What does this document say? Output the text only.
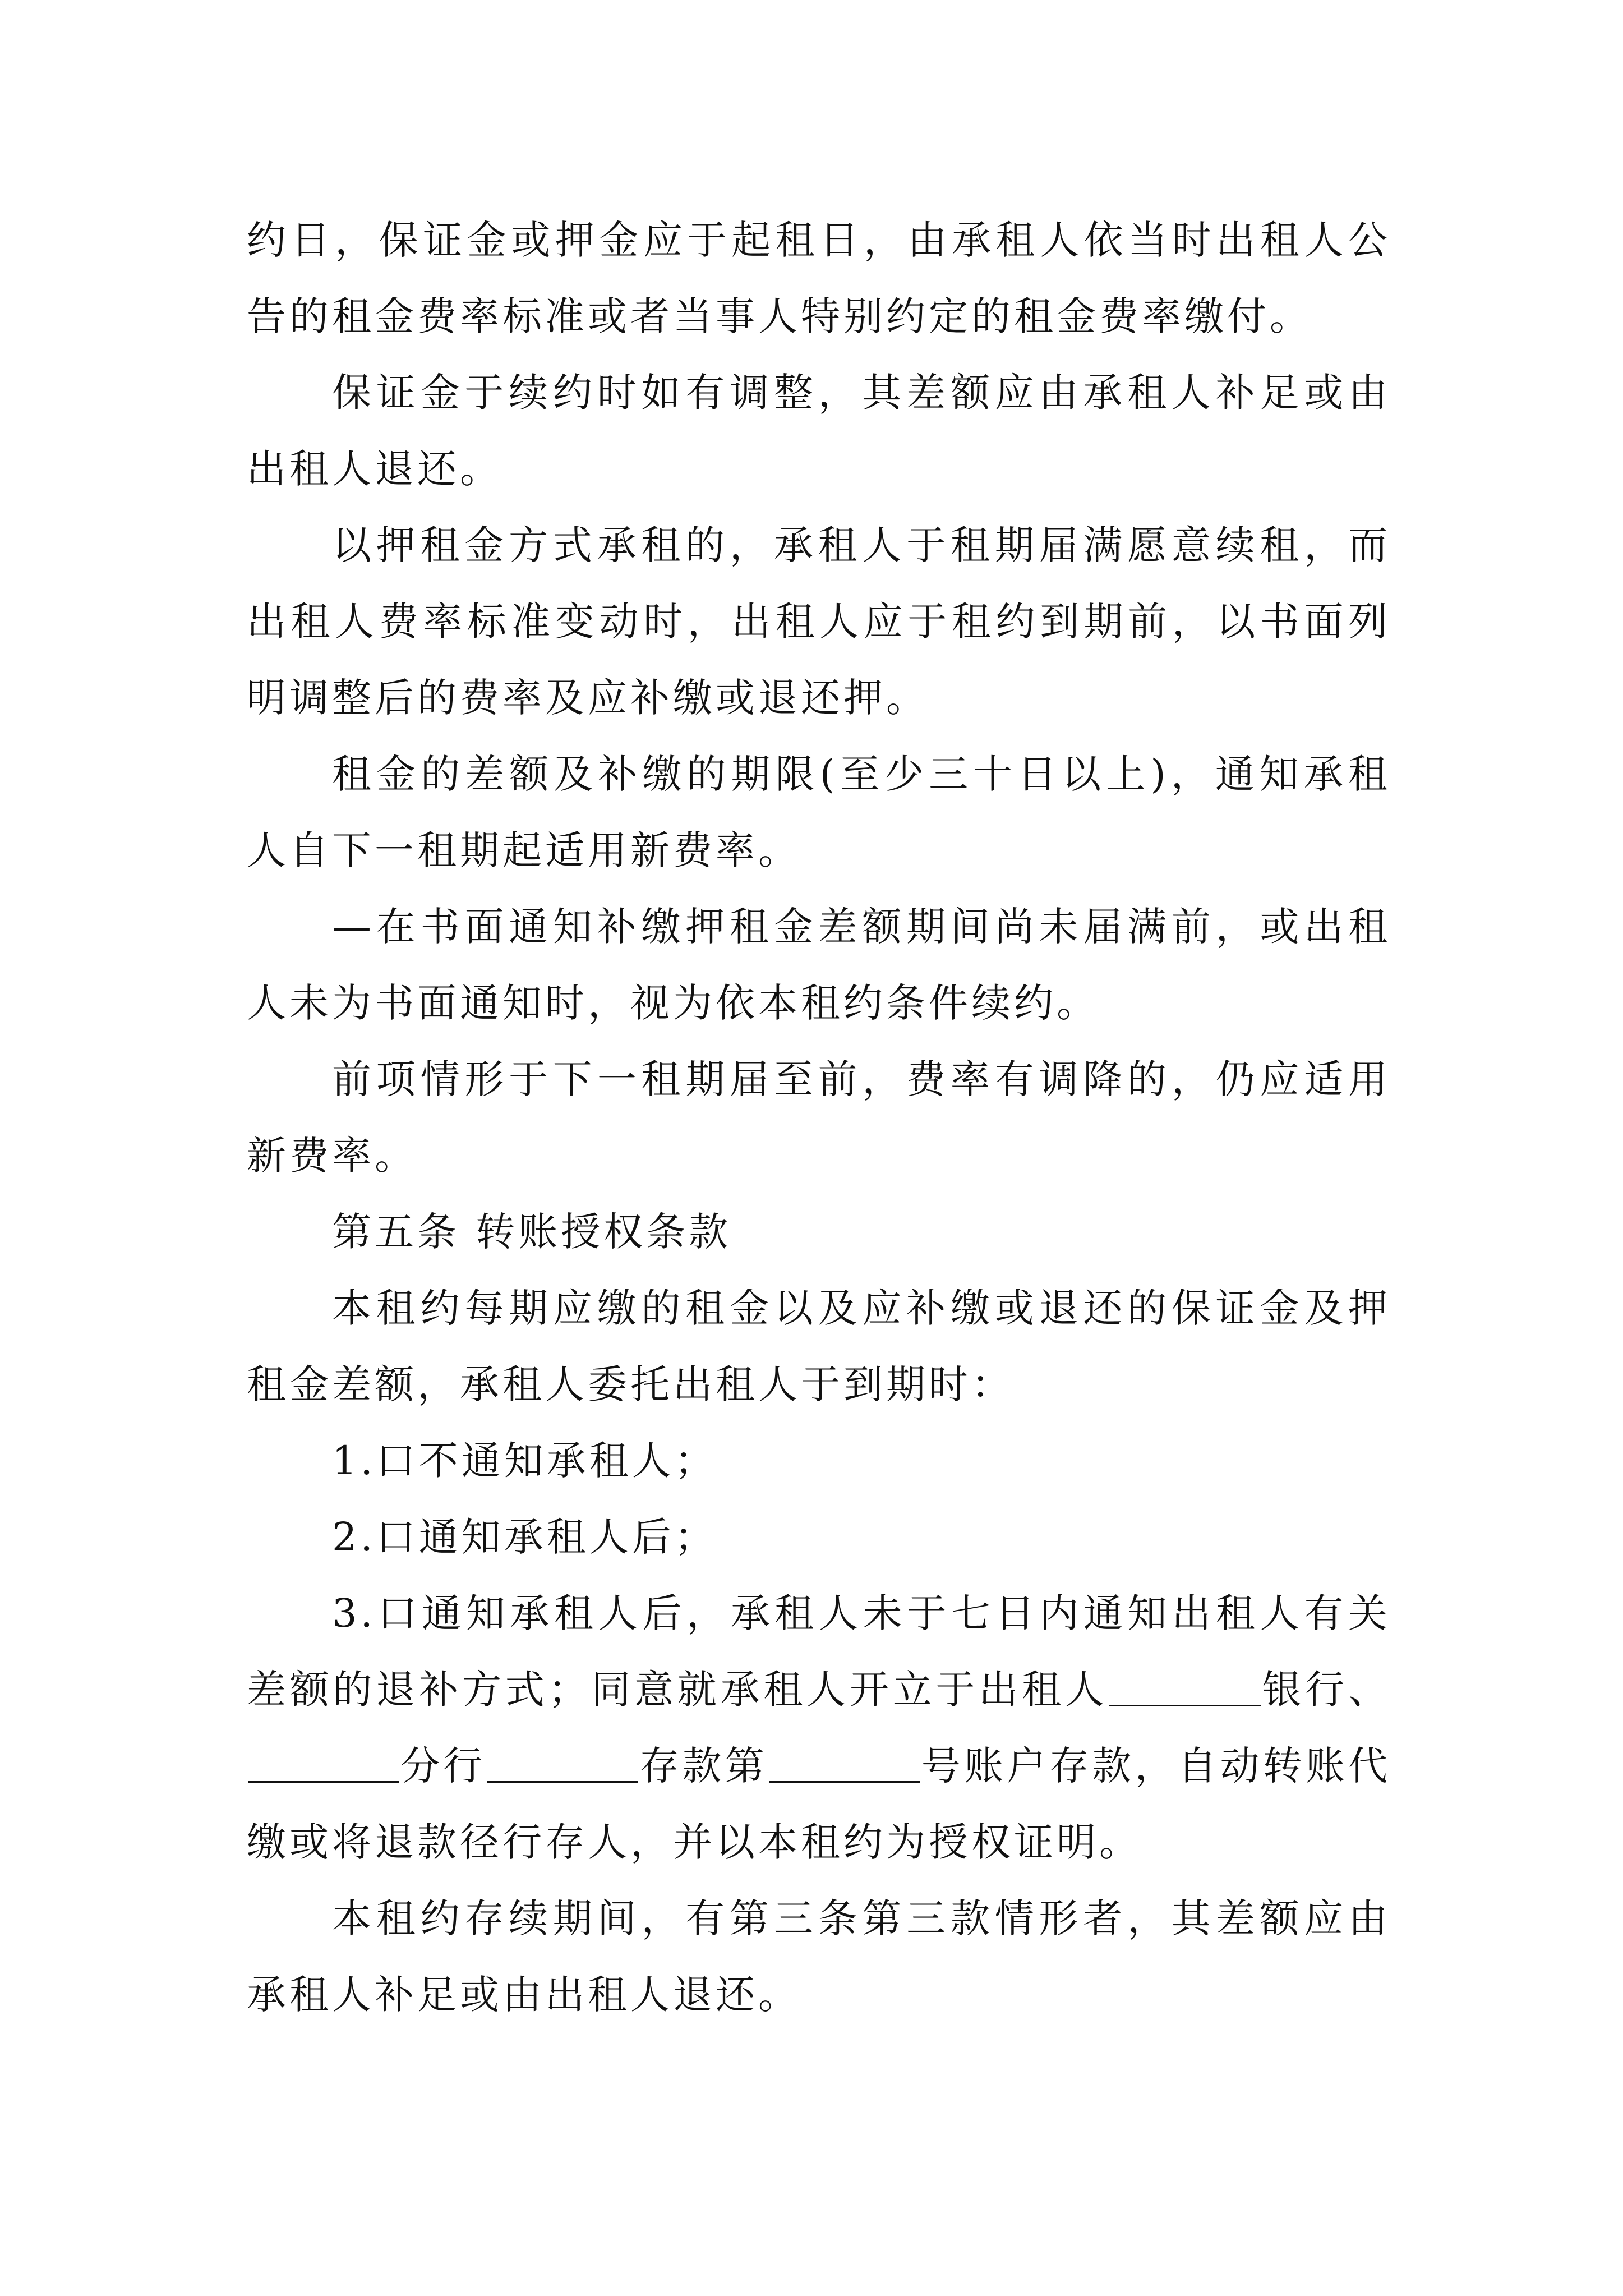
约日，保证金或押金应于起租日，由承租人依当时出租人公告的租金费率标准或者当事人特别约定的租金费率缴付。

保证金于续约时如有调整，其差额应由承租人补足或由出租人退还。

以押租金方式承租的，承租人于租期届满愿意续租，而出租人费率标准变动时，出租人应于租约到期前，以书面列明调整后的费率及应补缴或退还押。

租金的差额及补缴的期限(至少三十日以上)，通知承租人自下一租期起适用新费率。

—在书面通知补缴押租金差额期间尚未届满前，或出租人未为书面通知时，视为依本租约条件续约。

前项情形于下一租期届至前，费率有调降的，仍应适用新费率。

第五条 转账授权条款

本租约每期应缴的租金以及应补缴或退还的保证金及押租金差额，承租人委托出租人于到期时：

1.口不通知承租人；

2.口通知承租人后；

3.口通知承租人后，承租人未于七日内通知出租人有关差额的退补方式；同意就承租人开立于出租人	银行、分行	存款第	号账户存款，自动转账代缴或将退款径行存人，并以本租约为授权证明。

本租约存续期间，有第三条第三款情形者，其差额应由承租人补足或由出租人退还。
